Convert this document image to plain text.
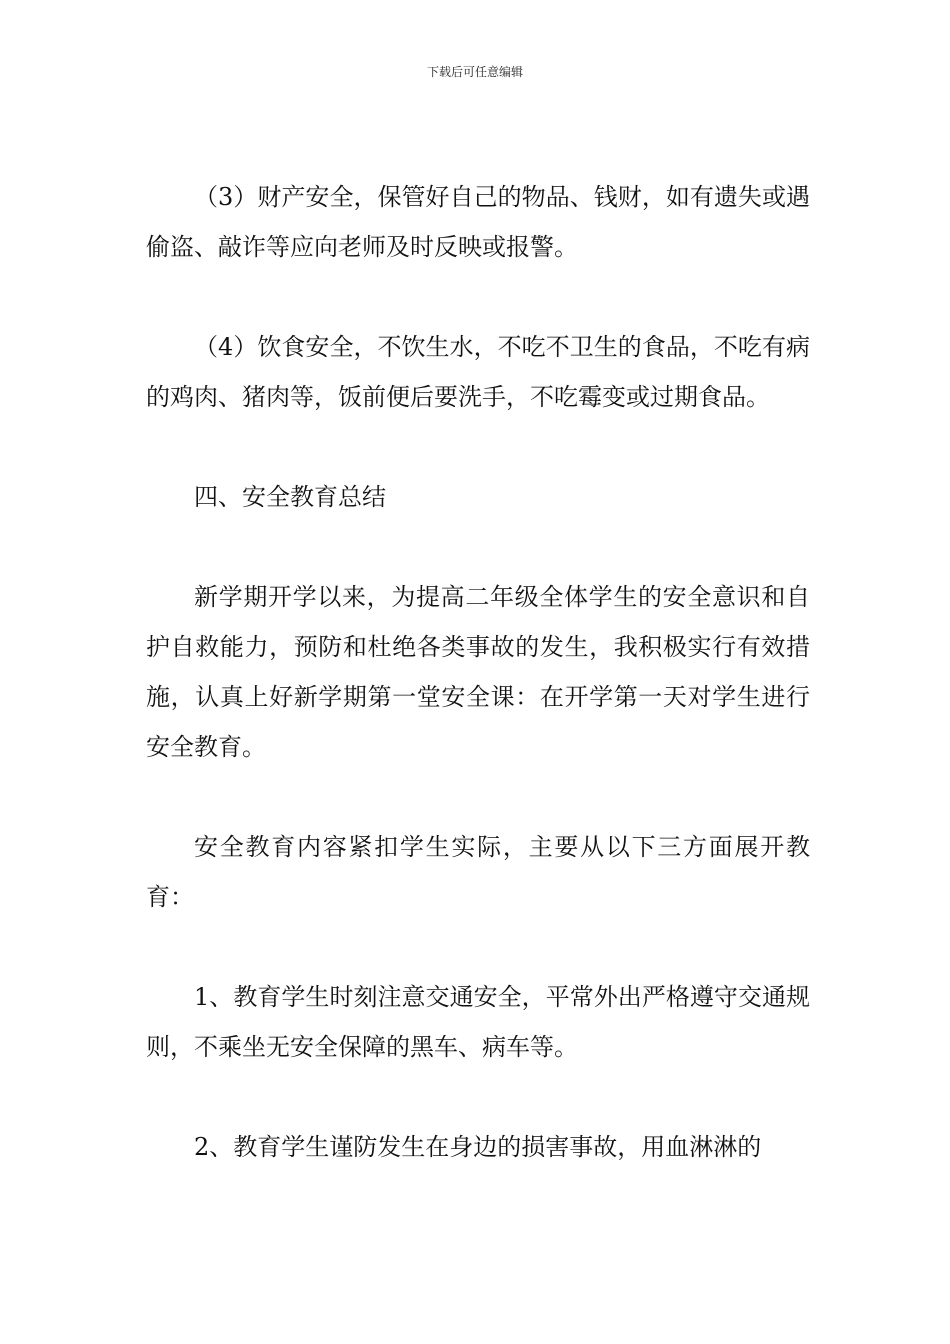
下载后可任意编辑

（3）财产安全，保管好自己的物品、钱财，如有遗失或遇偷盗、敲诈等应向老师及时反映或报警。

（4）饮食安全，不饮生水，不吃不卫生的食品，不吃有病的鸡肉、猪肉等，饭前便后要洗手，不吃霉变或过期食品。

四、安全教育总结

新学期开学以来，为提高二年级全体学生的安全意识和自护自救能力，预防和杜绝各类事故的发生，我积极实行有效措施，认真上好新学期第一堂安全课：在开学第一天对学生进行安全教育。

安全教育内容紧扣学生实际，主要从以下三方面展开教育：

1、教育学生时刻注意交通安全，平常外出严格遵守交通规则，不乘坐无安全保障的黑车、病车等。

2、教育学生谨防发生在身边的损害事故，用血淋淋的
